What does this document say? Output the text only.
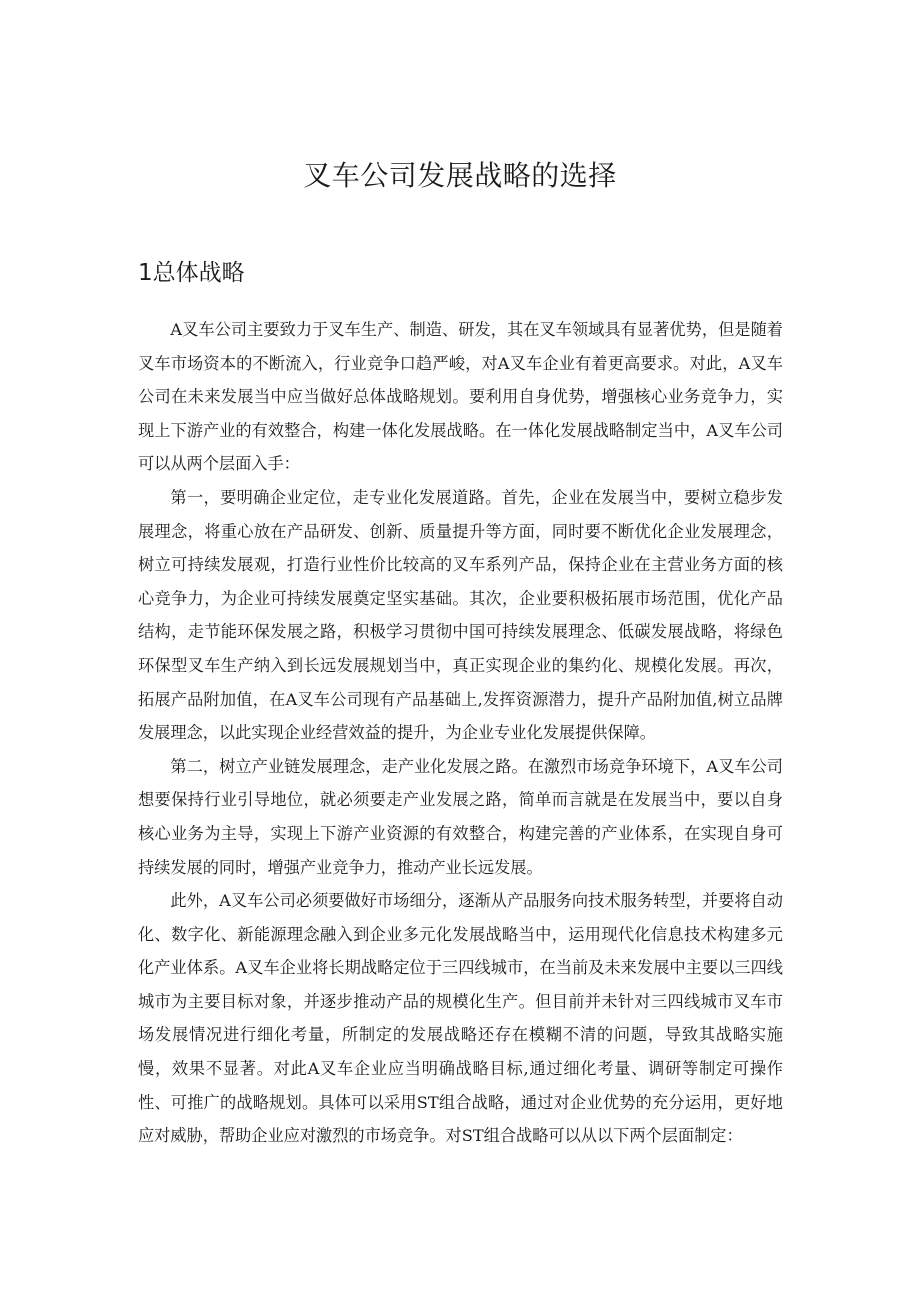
叉车公司发展战略的选择
1总体战略

A叉车公司主要致力于叉车生产、制造、研发，其在叉车领域具有显著优势，但是随着叉车市场资本的不断流入，行业竞争口趋严峻，对A叉车企业有着更高要求。对此，A叉车公司在未来发展当中应当做好总体战略规划。要利用自身优势，增强核心业务竞争力，实现上下游产业的有效整合，构建一体化发展战略。在一体化发展战略制定当中，A叉车公司可以从两个层面入手：

第一，要明确企业定位，走专业化发展道路。首先，企业在发展当中，要树立稳步发展理念，将重心放在产品研发、创新、质量提升等方面，同时要不断优化企业发展理念，树立可持续发展观，打造行业性价比较高的叉车系列产品，保持企业在主营业务方面的核心竞争力，为企业可持续发展奠定坚实基础。其次，企业要积极拓展市场范围，优化产品结构，走节能环保发展之路，积极学习贯彻中国可持续发展理念、低碳发展战略，将绿色环保型叉车生产纳入到长远发展规划当中，真正实现企业的集约化、规模化发展。再次，拓展产品附加值，在A叉车公司现有产品基础上,发挥资源潜力，提升产品附加值,树立品牌发展理念，以此实现企业经营效益的提升，为企业专业化发展提供保障。

第二，树立产业链发展理念，走产业化发展之路。在激烈市场竞争环境下，A叉车公司想要保持行业引导地位，就必须要走产业发展之路，简单而言就是在发展当中，要以自身核心业务为主导，实现上下游产业资源的有效整合，构建完善的产业体系，在实现自身可持续发展的同时，增强产业竞争力，推动产业长远发展。

此外，A叉车公司必须要做好市场细分，逐渐从产品服务向技术服务转型，并要将自动化、数字化、新能源理念融入到企业多元化发展战略当中，运用现代化信息技术构建多元化产业体系。A叉车企业将长期战略定位于三四线城市，在当前及未来发展中主要以三四线城市为主要目标对象，并逐步推动产品的规模化生产。但目前并未针对三四线城市叉车市场发展情况进行细化考量，所制定的发展战略还存在模糊不清的问题，导致其战略实施慢，效果不显著。对此A叉车企业应当明确战略目标,通过细化考量、调研等制定可操作性、可推广的战略规划。具体可以采用ST组合战略，通过对企业优势的充分运用，更好地应对威胁，帮助企业应对激烈的市场竞争。对ST组合战略可以从以下两个层面制定：
